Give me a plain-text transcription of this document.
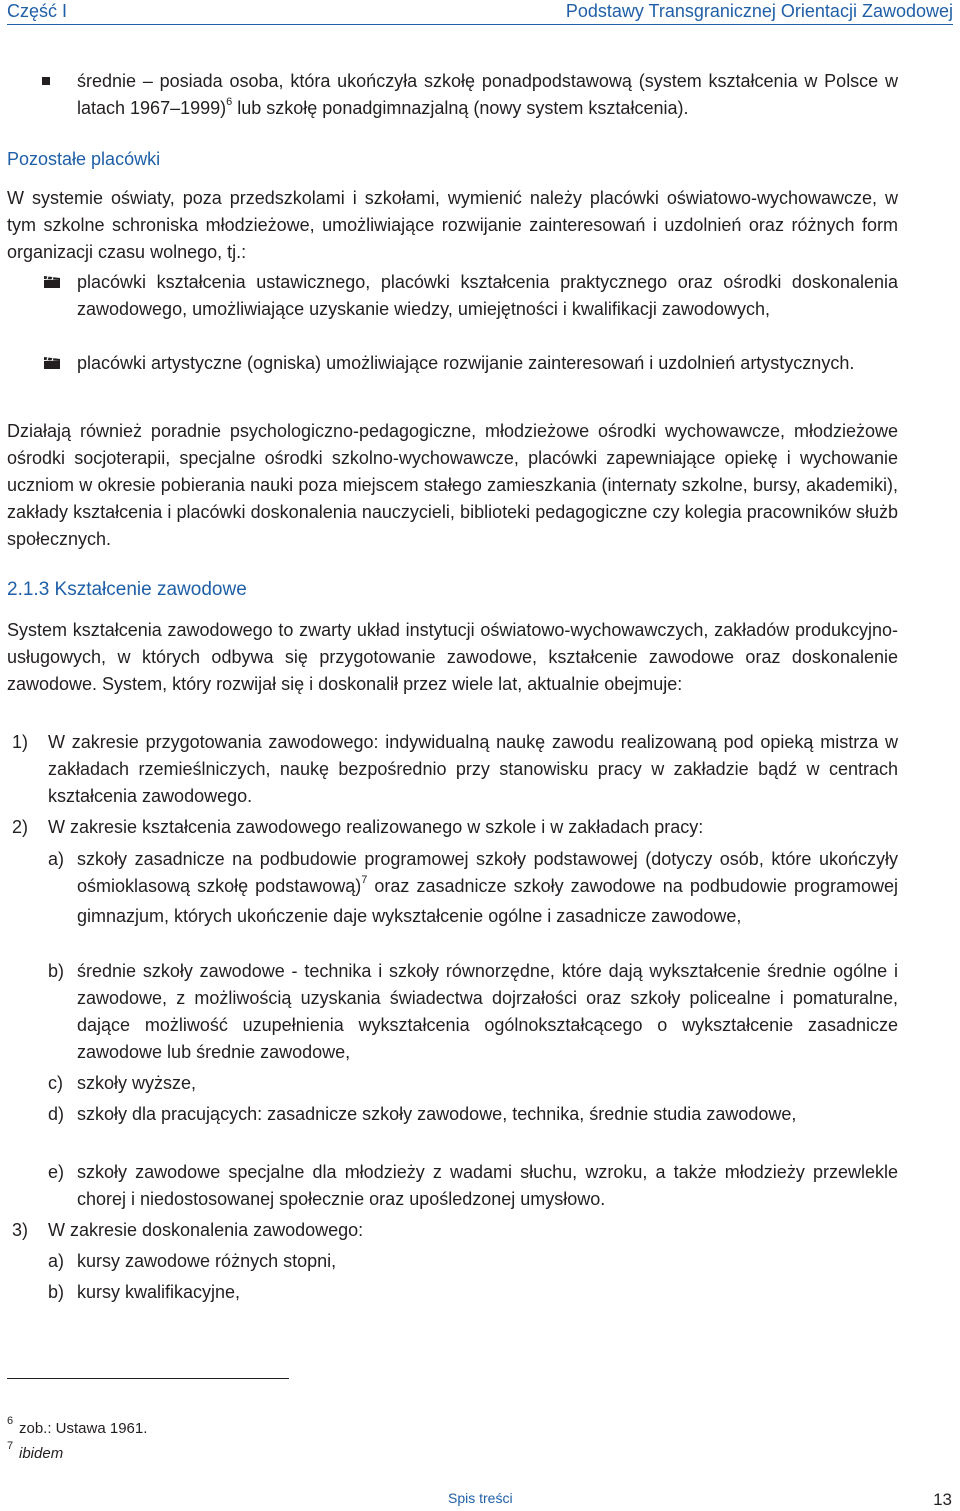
Część I	Podstawy Transgranicznej Orientacji Zawodowej
średnie – posiada osoba, która ukończyła szkołę ponadpodstawową (system kształcenia w Polsce w latach 1967–1999)$^6$ lub szkołę ponadgimnazjalną (nowy system kształcenia).
Pozostałe placówki
W systemie oświaty, poza przedszkolami i szkołami, wymienić należy placówki oświatowo-wychowawcze, w tym szkolne schroniska młodzieżowe, umożliwiające rozwijanie zainteresowań i uzdolnień oraz różnych form organizacji czasu wolnego, tj.:
placówki kształcenia ustawicznego, placówki kształcenia praktycznego oraz ośrodki doskonalenia zawodowego, umożliwiające uzyskanie wiedzy, umiejętności i kwalifikacji zawodowych,
placówki artystyczne (ogniska) umożliwiające rozwijanie zainteresowań i uzdolnień artystycznych.
Działają również poradnie psychologiczno-pedagogiczne, młodzieżowe ośrodki wychowawcze, młodzieżowe ośrodki socjoterapii, specjalne ośrodki szkolno-wychowawcze, placówki zapewniające opiekę i wychowanie uczniom w okresie pobierania nauki poza miejscem stałego zamieszkania (internaty szkolne, bursy, akademiki), zakłady kształcenia i placówki doskonalenia nauczycieli, biblioteki pedagogiczne czy kolegia pracowników służb społecznych.
2.1.3 Kształcenie zawodowe
System kształcenia zawodowego to zwarty układ instytucji oświatowo-wychowawczych, zakładów produkcyjno-usługowych, w których odbywa się przygotowanie zawodowe, kształcenie zawodowe oraz doskonalenie zawodowe. System, który rozwijał się i doskonalił przez wiele lat, aktualnie obejmuje:
1)	W zakresie przygotowania zawodowego: indywidualną naukę zawodu realizowaną pod opieką mistrza w zakładach rzemieślniczych, naukę bezpośrednio przy stanowisku pracy w zakładzie bądź w centrach kształcenia zawodowego.
2)	W zakresie kształcenia zawodowego realizowanego w szkole i w zakładach pracy:
a) szkoły zasadnicze na podbudowie programowej szkoły podstawowej (dotyczy osób, które ukończyły ośmioklasową szkołę podstawową)$^7$ oraz zasadnicze szkoły zawodowe na podbudowie programowej gimnazjum, których ukończenie daje wykształcenie ogólne i zasadnicze zawodowe,
b) średnie szkoły zawodowe - technika i szkoły równorzędne, które dają wykształcenie średnie ogólne i zawodowe, z możliwością uzyskania świadectwa dojrzałości oraz szkoły policealne i pomaturalne, dające możliwość uzupełnienia wykształcenia ogólnokształcącego o wykształcenie zasadnicze zawodowe lub średnie zawodowe,
c) szkoły wyższe,
d) szkoły dla pracujących: zasadnicze szkoły zawodowe, technika, średnie studia zawodowe,
e) szkoły zawodowe specjalne dla młodzieży z wadami słuchu, wzroku, a także młodzieży przewlekle chorej i niedostosowanej społecznie oraz upośledzonej umysłowo.
3)	W zakresie doskonalenia zawodowego:
a) kursy zawodowe różnych stopni,
b) kursy kwalifikacyjne,
6 zob.: Ustawa 1961.
7 ibidem
Spis treści	13
